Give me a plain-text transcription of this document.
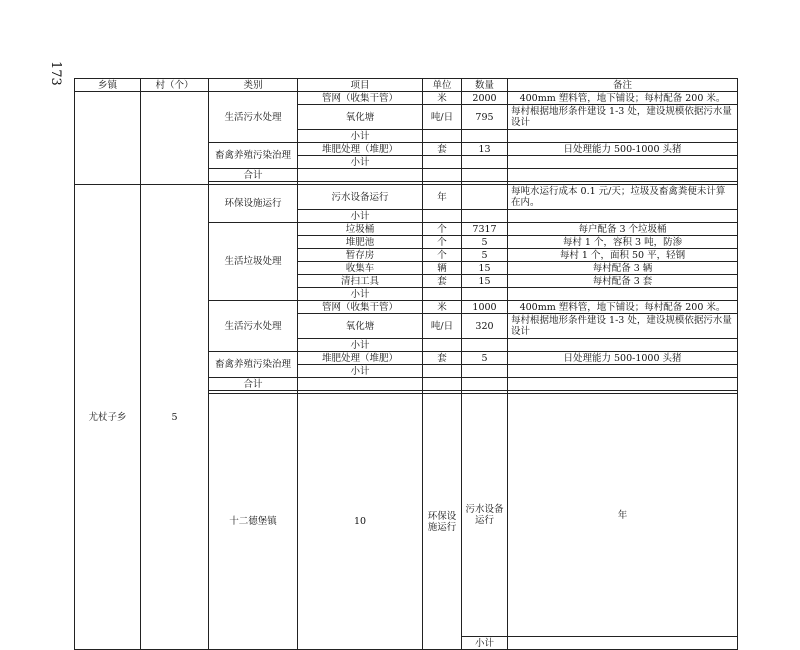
173	乡镇	村（个）	类别	项目	单位	数量	备注	
		生活污水处理	管网（收集干管）	米	2000	400mm 塑料管，地下铺设；每村配备 200 米。	
			氧化塘	吨/日	795	每村根据地形条件建设 1-3 处，建设规模依据污水量设计	
			小计				
		畜禽养殖污染治理	堆肥处理（堆肥）	套	13	日处理能力 500-1000 头猪	
			小计				
		合计					

尤杖子乡	5	环保设施运行	污水设备运行	年		每吨水运行成本 0.1 元/天；垃圾及畜禽粪便未计算在内。	
			小计				
		生活垃圾处理	垃圾桶	个	7317	每户配备 3 个垃圾桶	
			堆肥池	个	5	每村 1 个，容积 3 吨，防渗	
			暂存房	个	5	每村 1 个，面积 50 平，轻钢	
			收集车	辆	15	每村配备 3 辆	
			清扫工具	套	15	每村配备 3 套	
			小计				
		生活污水处理	管网（收集干管）	米	1000	400mm 塑料管，地下铺设；每村配备 200 米。	
			氧化塘	吨/日	320	每村根据地形条件建设 1-3 处，建设规模依据污水量设计	
			小计				
		畜禽养殖污染治理	堆肥处理（堆肥）	套	5	日处理能力 500-1000 头猪	
			小计				
		合计					

		十二德堡镇	10	环保设施运行	污水设备运行	年		
					小计			
